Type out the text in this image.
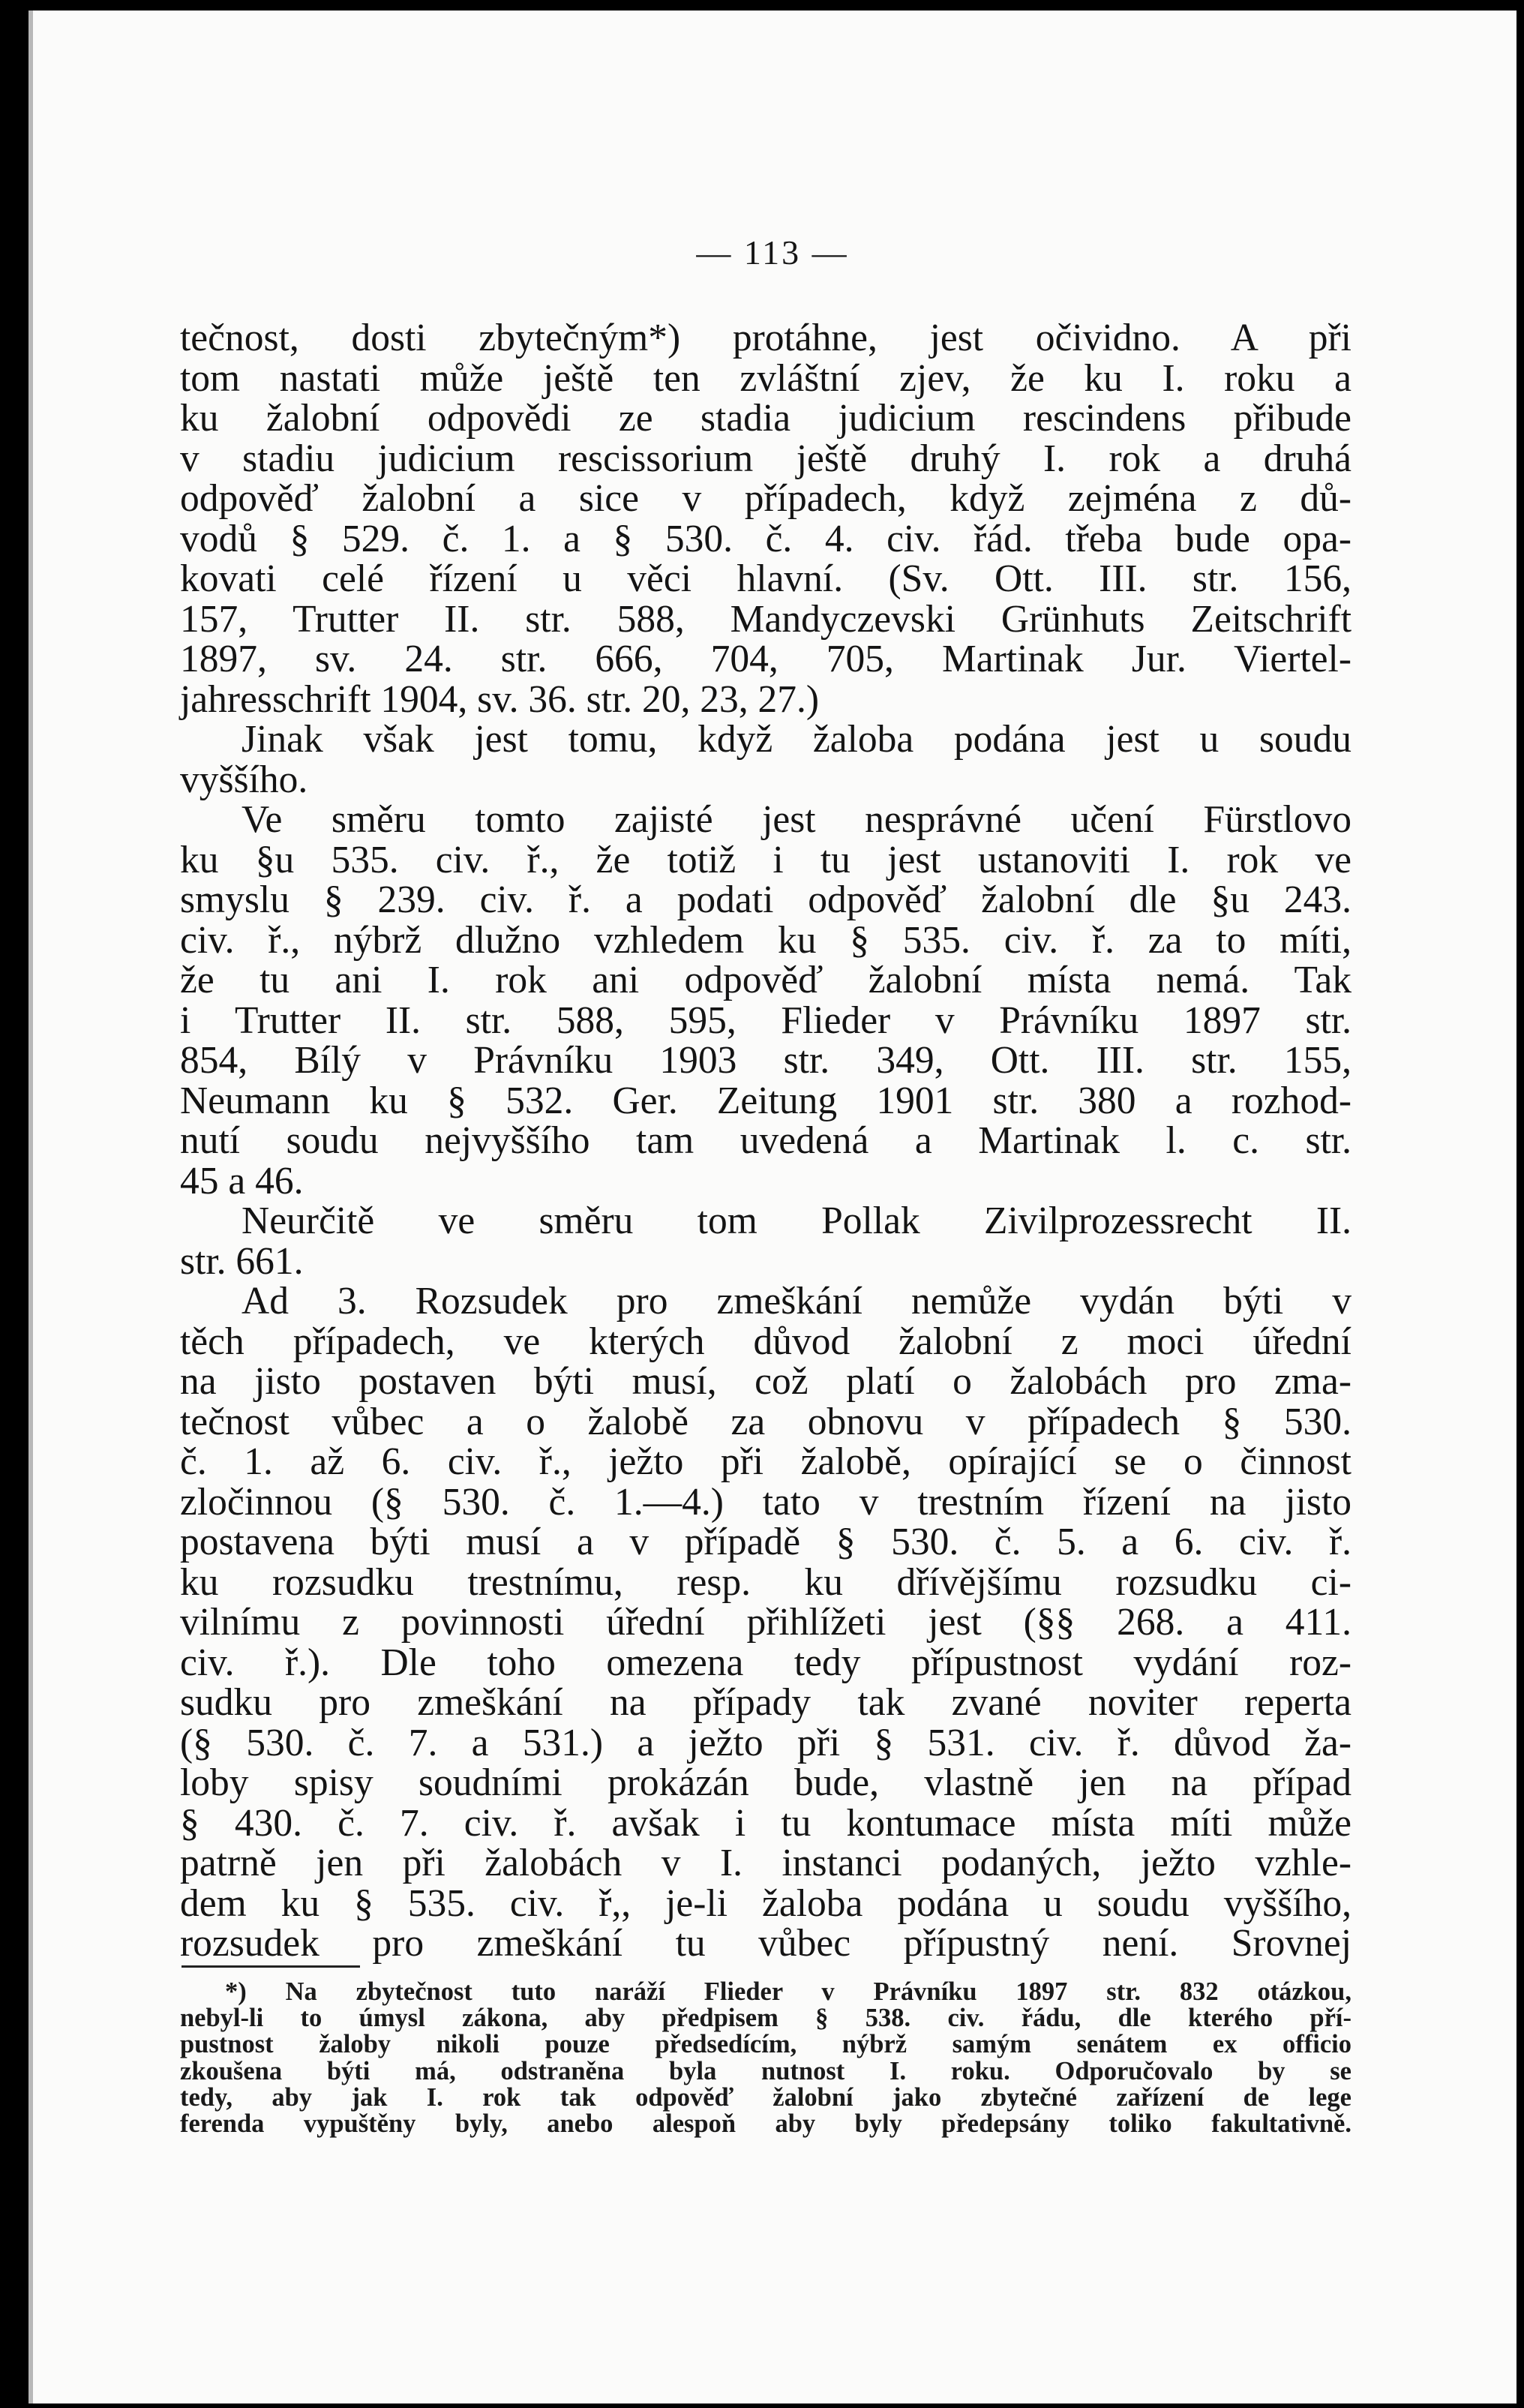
— 113 —
tečnost, dosti zbytečným*) protáhne, jest očividno. A při
tom nastati může ještě ten zvláštní zjev, že ku I. roku a
ku žalobní odpovědi ze stadia judicium rescindens přibude
v stadiu judicium rescissorium ještě druhý I. rok a druhá
odpověď žalobní a sice v případech, když zejména z dů-
vodů § 529. č. 1. a § 530. č. 4. civ. řád. třeba bude opa-
kovati celé řízení u věci hlavní. (Sv. Ott. III. str. 156,
157, Trutter II. str. 588, Mandyczevski Grünhuts Zeitschrift
1897, sv. 24. str. 666, 704, 705, Martinak Jur. Viertel-
jahresschrift 1904, sv. 36. str. 20, 23, 27.)
Jinak však jest tomu, když žaloba podána jest u soudu
vyššího.
Ve směru tomto zajisté jest nesprávné učení Fürstlovo
ku §u 535. civ. ř., že totiž i tu jest ustanoviti I. rok ve
smyslu § 239. civ. ř. a podati odpověď žalobní dle §u 243.
civ. ř., nýbrž dlužno vzhledem ku § 535. civ. ř. za to míti,
že tu ani I. rok ani odpověď žalobní místa nemá. Tak
i Trutter II. str. 588, 595, Flieder v Právníku 1897 str.
854, Bílý v Právníku 1903 str. 349, Ott. III. str. 155,
Neumann ku § 532. Ger. Zeitung 1901 str. 380 a rozhod-
nutí soudu nejvyššího tam uvedená a Martinak l. c. str.
45 a 46.
Neurčitě ve směru tom Pollak Zivilprozessrecht II.
str. 661.
Ad 3. Rozsudek pro zmeškání nemůže vydán býti v
těch případech, ve kterých důvod žalobní z moci úřední
na jisto postaven býti musí, což platí o žalobách pro zma-
tečnost vůbec a o žalobě za obnovu v případech § 530.
č. 1. až 6. civ. ř., ježto při žalobě, opírající se o činnost
zločinnou (§ 530. č. 1.—4.) tato v trestním řízení na jisto
postavena býti musí a v případě § 530. č. 5. a 6. civ. ř.
ku rozsudku trestnímu, resp. ku dřívějšímu rozsudku ci-
vilnímu z povinnosti úřední přihlížeti jest (§§ 268. a 411.
civ. ř.). Dle toho omezena tedy přípustnost vydání roz-
sudku pro zmeškání na případy tak zvané noviter reperta
(§ 530. č. 7. a 531.) a ježto při § 531. civ. ř. důvod ža-
loby spisy soudními prokázán bude, vlastně jen na případ
§ 430. č. 7. civ. ř. avšak i tu kontumace místa míti může
patrně jen při žalobách v I. instanci podaných, ježto vzhle-
dem ku § 535. civ. ř,, je-li žaloba podána u soudu vyššího,
rozsudek pro zmeškání tu vůbec přípustný není. Srovnej
*) Na zbytečnost tuto naráží Flieder v Právníku 1897 str. 832 otázkou,
nebyl-li to úmysl zákona, aby předpisem § 538. civ. řádu, dle kterého pří-
pustnost žaloby nikoli pouze předsedícím, nýbrž samým senátem ex officio
zkoušena býti má, odstraněna byla nutnost I. roku. Odporučovalo by se
tedy, aby jak I. rok tak odpověď žalobní jako zbytečné zařízení de lege
ferenda vypuštěny byly, anebo alespoň aby byly předepsány toliko fakultativně.
